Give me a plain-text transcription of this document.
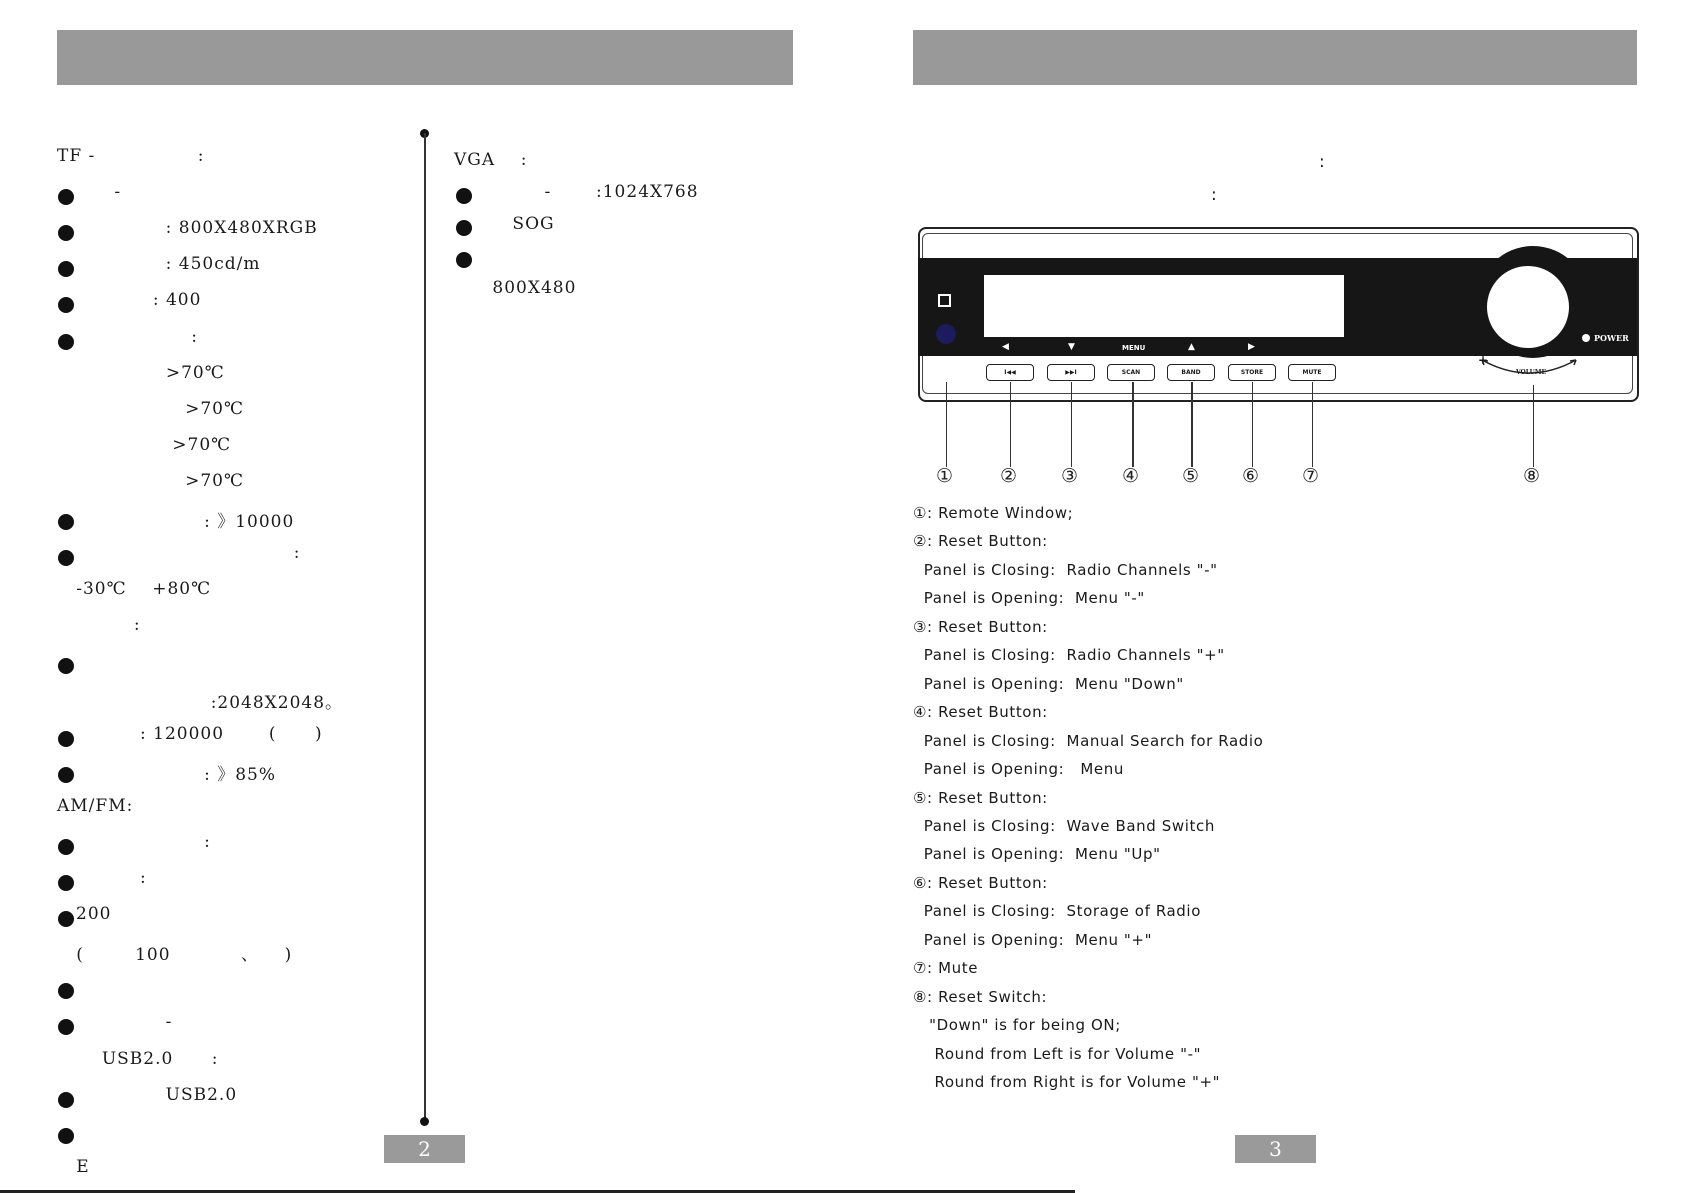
TF -                :
-
: 800X480XRGB
: 450cd/m
: 400
:
>70℃
>70℃
>70℃
>70℃
: 》10000
:
-30℃    +80℃
:
:2048X2048。
: 120000       (      )
: 》85%
AM/FM:
:
:
200
(        100           、    )
-
USB2.0      :
USB2.0
E
VGA    :
-       :1024X768
SOG
800X480
2
:
:
◀	▼	MENU	▲	▶
POWER
+
VOLUME
I◀◀	▶▶I	SCAN	BAND	STORE	MUTE
① ② ③ ④ ⑤ ⑥ ⑦	⑧
①: Remote Window;
②: Reset Button:
Panel is Closing:  Radio Channels "-"
Panel is Opening:  Menu "-"
③: Reset Button:
Panel is Closing:  Radio Channels "+"
Panel is Opening:  Menu "Down"
④: Reset Button:
Panel is Closing:  Manual Search for Radio
Panel is Opening:   Menu
⑤: Reset Button:
Panel is Closing:  Wave Band Switch
Panel is Opening:  Menu "Up"
⑥: Reset Button:
Panel is Closing:  Storage of Radio
Panel is Opening:  Menu "+"
⑦: Mute
⑧: Reset Switch:
"Down" is for being ON;
Round from Left is for Volume "-"
Round from Right is for Volume "+"
3
